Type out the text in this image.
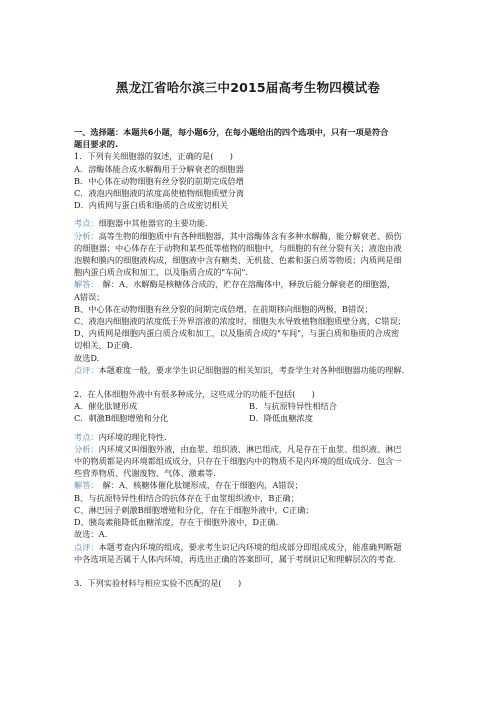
黑龙江省哈尔滨三中2015届高考生物四模试卷

一、选择题：本题共6小题，每小题6分，在每小题给出的四个选项中，只有一项是符合

题目要求的.

1．下列有关细胞器的叙述，正确的是(　　)

A．溶酶体能合成水解酶用于分解衰老的细胞器

B．中心体在动物细胞有丝分裂的前期完成倍增

C．液泡内细胞液的浓度高使植物细胞质壁分离

D．内质网与蛋白质和脂质的合成密切相关

考点：细胞器中其他器官的主要功能.

分析：高等生物的细胞质中有各种细胞器，其中溶酶体含有多种水解酶，能分解衰老、损伤

的细胞器；中心体存在于动物和某些低等植物的细胞中，与细胞的有丝分裂有关；液泡由液

泡膜和膜内的细胞液构成，细胞液中含有糖类、无机盐、色素和蛋白质等物质；内质网是细

胞内蛋白质合成和加工，以及脂质合成的"车间".

解答：　解：A、水解酶是核糖体合成的，贮存在溶酶体中，释放后能分解衰老的细胞器，

A错误；

B、中心体在动物细胞有丝分裂的间期完成倍增，在前期移向细胞的两极，B错误；

C、液泡内细胞液的浓度低于外界溶液的浓度时，细胞失水导致植物细胞质壁分离，C错误；

D、内质网是细胞内蛋白质合成和加工，以及脂质合成的"车间"，与蛋白质和脂质的合成密

切相关，D正确.

故选D.

点评：本题难度一般，要求学生识记细胞器的相关知识，考查学生对各种细胞器功能的理解.

2．在人体细胞外液中有很多种成分，这些成分的功能不包括(　　)

A．催化肽键形成	B．与抗原特异性相结合
C．刺激B细胞增殖和分化	D．降低血糖浓度

考点：内环境的理化特性.

分析：内环境又叫细胞外液，由血浆、组织液、淋巴组成，凡是存在于血浆、组织液、淋巴

中的物质都是内环境都组成成分，只存在于细胞内中的物质不是内环境的组成成分．包含一

些营养物质、代谢废物、气体、激素等.

解答：　解：A、核糖体催化肽键形成，存在于细胞内，A错误；

B、与抗原特异性相结合的抗体存在于血浆组织液中，B正确；

C、淋巴因子刺激B细胞增殖和分化，存在于细胞外液中，C正确；

D、胰岛素能降低血糖浓度，存在于细胞外液中，D正确.

故选：A.

点评：本题考查内环境的组成，要求考生识记内环境的组成部分即组成成分，能准确判断题

中各选项是否属于人体内环境，再选出正确的答案即可，属于考纲识记和理解层次的考查.

3．下列实验材料与相应实验不匹配的是(　　)
